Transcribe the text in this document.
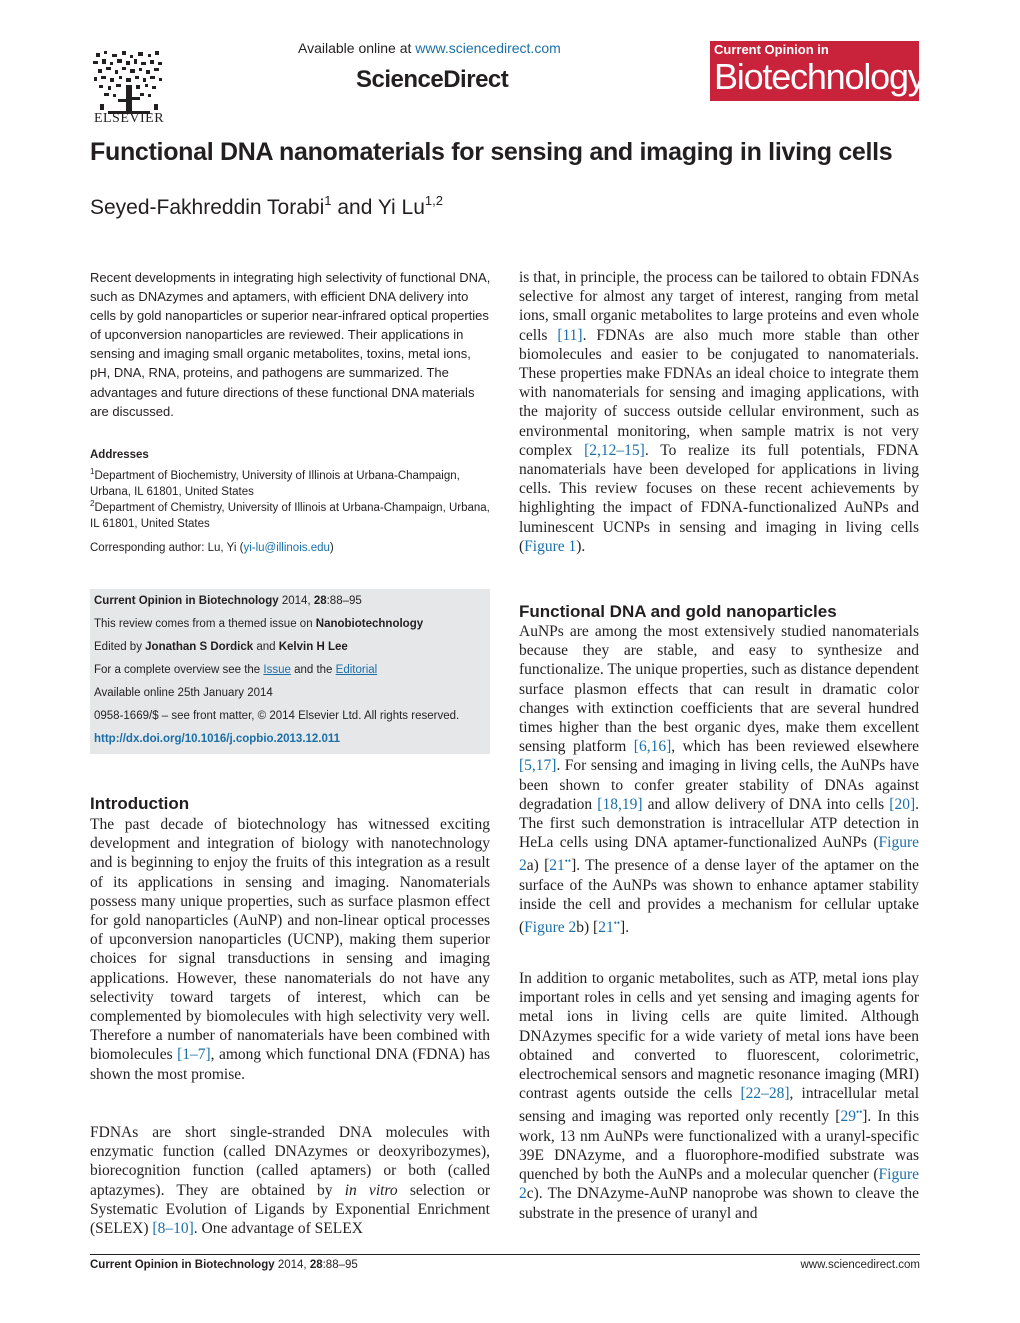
ELSEVIER
Available online at www.sciencedirect.com
ScienceDirect
Current Opinion in
Biotechnology
Functional DNA nanomaterials for sensing and imaging in living cells
Seyed-Fakhreddin Torabi$^1$ and Yi Lu$^{1,2}$

Recent developments in integrating high selectivity of functional DNA, such as DNAzymes and aptamers, with efficient DNA delivery into cells by gold nanoparticles or superior near-infrared optical properties of upconversion nanoparticles are reviewed. Their applications in sensing and imaging small organic metabolites, toxins, metal ions, pH, DNA, RNA, proteins, and pathogens are summarized. The advantages and future directions of these functional DNA materials are discussed.

Addresses

$^1$Department of Biochemistry, University of Illinois at Urbana-Champaign, Urbana, IL 61801, United States

$^2$Department of Chemistry, University of Illinois at Urbana-Champaign, Urbana, IL 61801, United States

Corresponding author: Lu, Yi (yi-lu@illinois.edu)
Current Opinion in Biotechnology 2014, 28:88–95
This review comes from a themed issue on Nanobiotechnology
Edited by Jonathan S Dordick and Kelvin H Lee
For a complete overview see the Issue and the Editorial
Available online 25th January 2014
0958-1669/$ – see front matter, © 2014 Elsevier Ltd. All rights reserved.
http://dx.doi.org/10.1016/j.copbio.2013.12.011
Introduction

The past decade of biotechnology has witnessed exciting development and integration of biology with nanotechnology and is beginning to enjoy the fruits of this integration as a result of its applications in sensing and imaging. Nanomaterials possess many unique properties, such as surface plasmon effect for gold nanoparticles (AuNP) and non-linear optical processes of upconversion nanoparticles (UCNP), making them superior choices for signal transductions in sensing and imaging applications. However, these nanomaterials do not have any selectivity toward targets of interest, which can be complemented by biomolecules with high selectivity very well. Therefore a number of nanomaterials have been combined with biomolecules [1–7], among which functional DNA (FDNA) has shown the most promise.

FDNAs are short single-stranded DNA molecules with enzymatic function (called DNAzymes or deoxyribozymes), biorecognition function (called aptamers) or both (called aptazymes). They are obtained by in vitro selection or Systematic Evolution of Ligands by Exponential Enrichment (SELEX) [8–10]. One advantage of SELEX

is that, in principle, the process can be tailored to obtain FDNAs selective for almost any target of interest, ranging from metal ions, small organic metabolites to large proteins and even whole cells [11]. FDNAs are also much more stable than other biomolecules and easier to be conjugated to nanomaterials. These properties make FDNAs an ideal choice to integrate them with nanomaterials for sensing and imaging applications, with the majority of success outside cellular environment, such as environmental monitoring, when sample matrix is not very complex [2,12–15]. To realize its full potentials, FDNA nanomaterials have been developed for applications in living cells. This review focuses on these recent achievements by highlighting the impact of FDNA-functionalized AuNPs and luminescent UCNPs in sensing and imaging in living cells (Figure 1).

Functional DNA and gold nanoparticles

AuNPs are among the most extensively studied nanomaterials because they are stable, and easy to synthesize and functionalize. The unique properties, such as distance dependent surface plasmon effects that can result in dramatic color changes with extinction coefficients that are several hundred times higher than the best organic dyes, make them excellent sensing platform [6,16], which has been reviewed elsewhere [5,17]. For sensing and imaging in living cells, the AuNPs have been shown to confer greater stability of DNAs against degradation [18,19] and allow delivery of DNA into cells [20]. The first such demonstration is intracellular ATP detection in HeLa cells using DNA aptamer-functionalized AuNPs (Figure 2a) [21••]. The presence of a dense layer of the aptamer on the surface of the AuNPs was shown to enhance aptamer stability inside the cell and provides a mechanism for cellular uptake (Figure 2b) [21••].

In addition to organic metabolites, such as ATP, metal ions play important roles in cells and yet sensing and imaging agents for metal ions in living cells are quite limited. Although DNAzymes specific for a wide variety of metal ions have been obtained and converted to fluorescent, colorimetric, electrochemical sensors and magnetic resonance imaging (MRI) contrast agents outside the cells [22–28], intracellular metal sensing and imaging was reported only recently [29••]. In this work, 13 nm AuNPs were functionalized with a uranyl-specific 39E DNAzyme, and a fluorophore-modified substrate was quenched by both the AuNPs and a molecular quencher (Figure 2c). The DNAzyme-AuNP nanoprobe was shown to cleave the substrate in the presence of uranyl and

Current Opinion in Biotechnology 2014, 28:88–95	www.sciencedirect.com
